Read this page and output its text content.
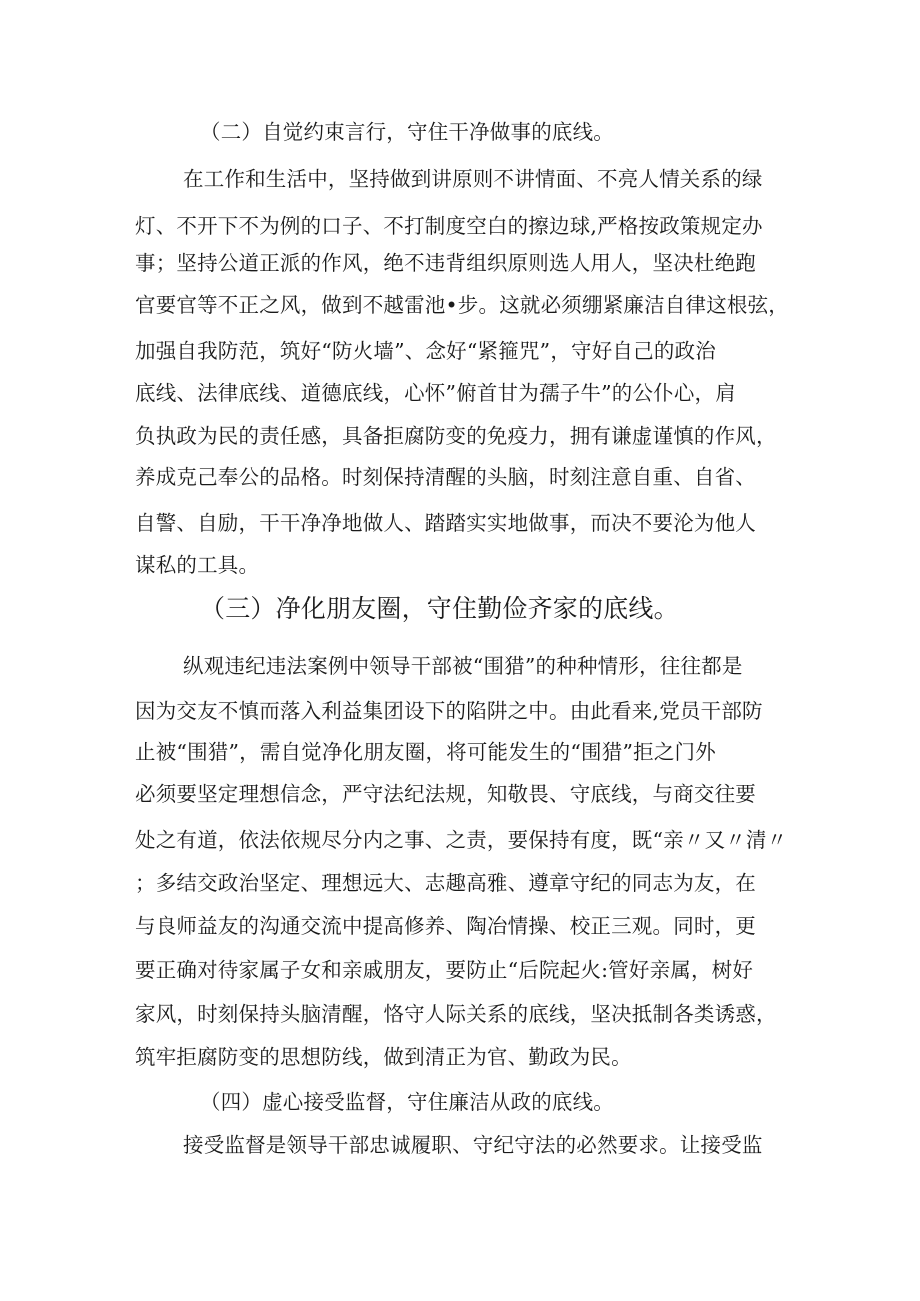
（二）自觉约束言行，守住干净做事的底线。
在工作和生活中，坚持做到讲原则不讲情面、不亮人情关系的绿
灯、不开下不为例的口子、不打制度空白的擦边球,严格按政策规定办
事；坚持公道正派的作风，绝不违背组织原则选人用人，坚决杜绝跑
官要官等不正之风，做到不越雷池•步。这就必须绷紧廉洁自律这根弦，
加强自我防范，筑好“防火墙”、念好“紧箍咒”，守好自己的政治
底线、法律底线、道德底线，心怀”俯首甘为孺子牛”的公仆心，肩
负执政为民的责任感，具备拒腐防变的免疫力，拥有谦虚谨慎的作风，
养成克己奉公的品格。时刻保持清醒的头脑，时刻注意自重、自省、
自警、自励，干干净净地做人、踏踏实实地做事，而决不要沦为他人
谋私的工具。
（三）净化朋友圈，守住勤俭齐家的底线。
纵观违纪违法案例中领导干部被“围猎”的种种情形，往往都是
因为交友不慎而落入利益集团设下的陷阱之中。由此看来,党员干部防
止被“围猎”，需自觉净化朋友圈，将可能发生的“围猎”拒之门外
必须要坚定理想信念，严守法纪法规，知敬畏、守底线，与商交往要
处之有道，依法依规尽分内之事、之责，要保持有度，既“亲〃又〃清〃
；多结交政治坚定、理想远大、志趣高雅、遵章守纪的同志为友，在
与良师益友的沟通交流中提高修养、陶冶情操、校正三观。同时，更
要正确对待家属子女和亲戚朋友，要防止“后院起火:管好亲属，树好
家风，时刻保持头脑清醒，恪守人际关系的底线，坚决抵制各类诱惑，
筑牢拒腐防变的思想防线，做到清正为官、勤政为民。
（四）虚心接受监督，守住廉洁从政的底线。
接受监督是领导干部忠诚履职、守纪守法的必然要求。让接受监
